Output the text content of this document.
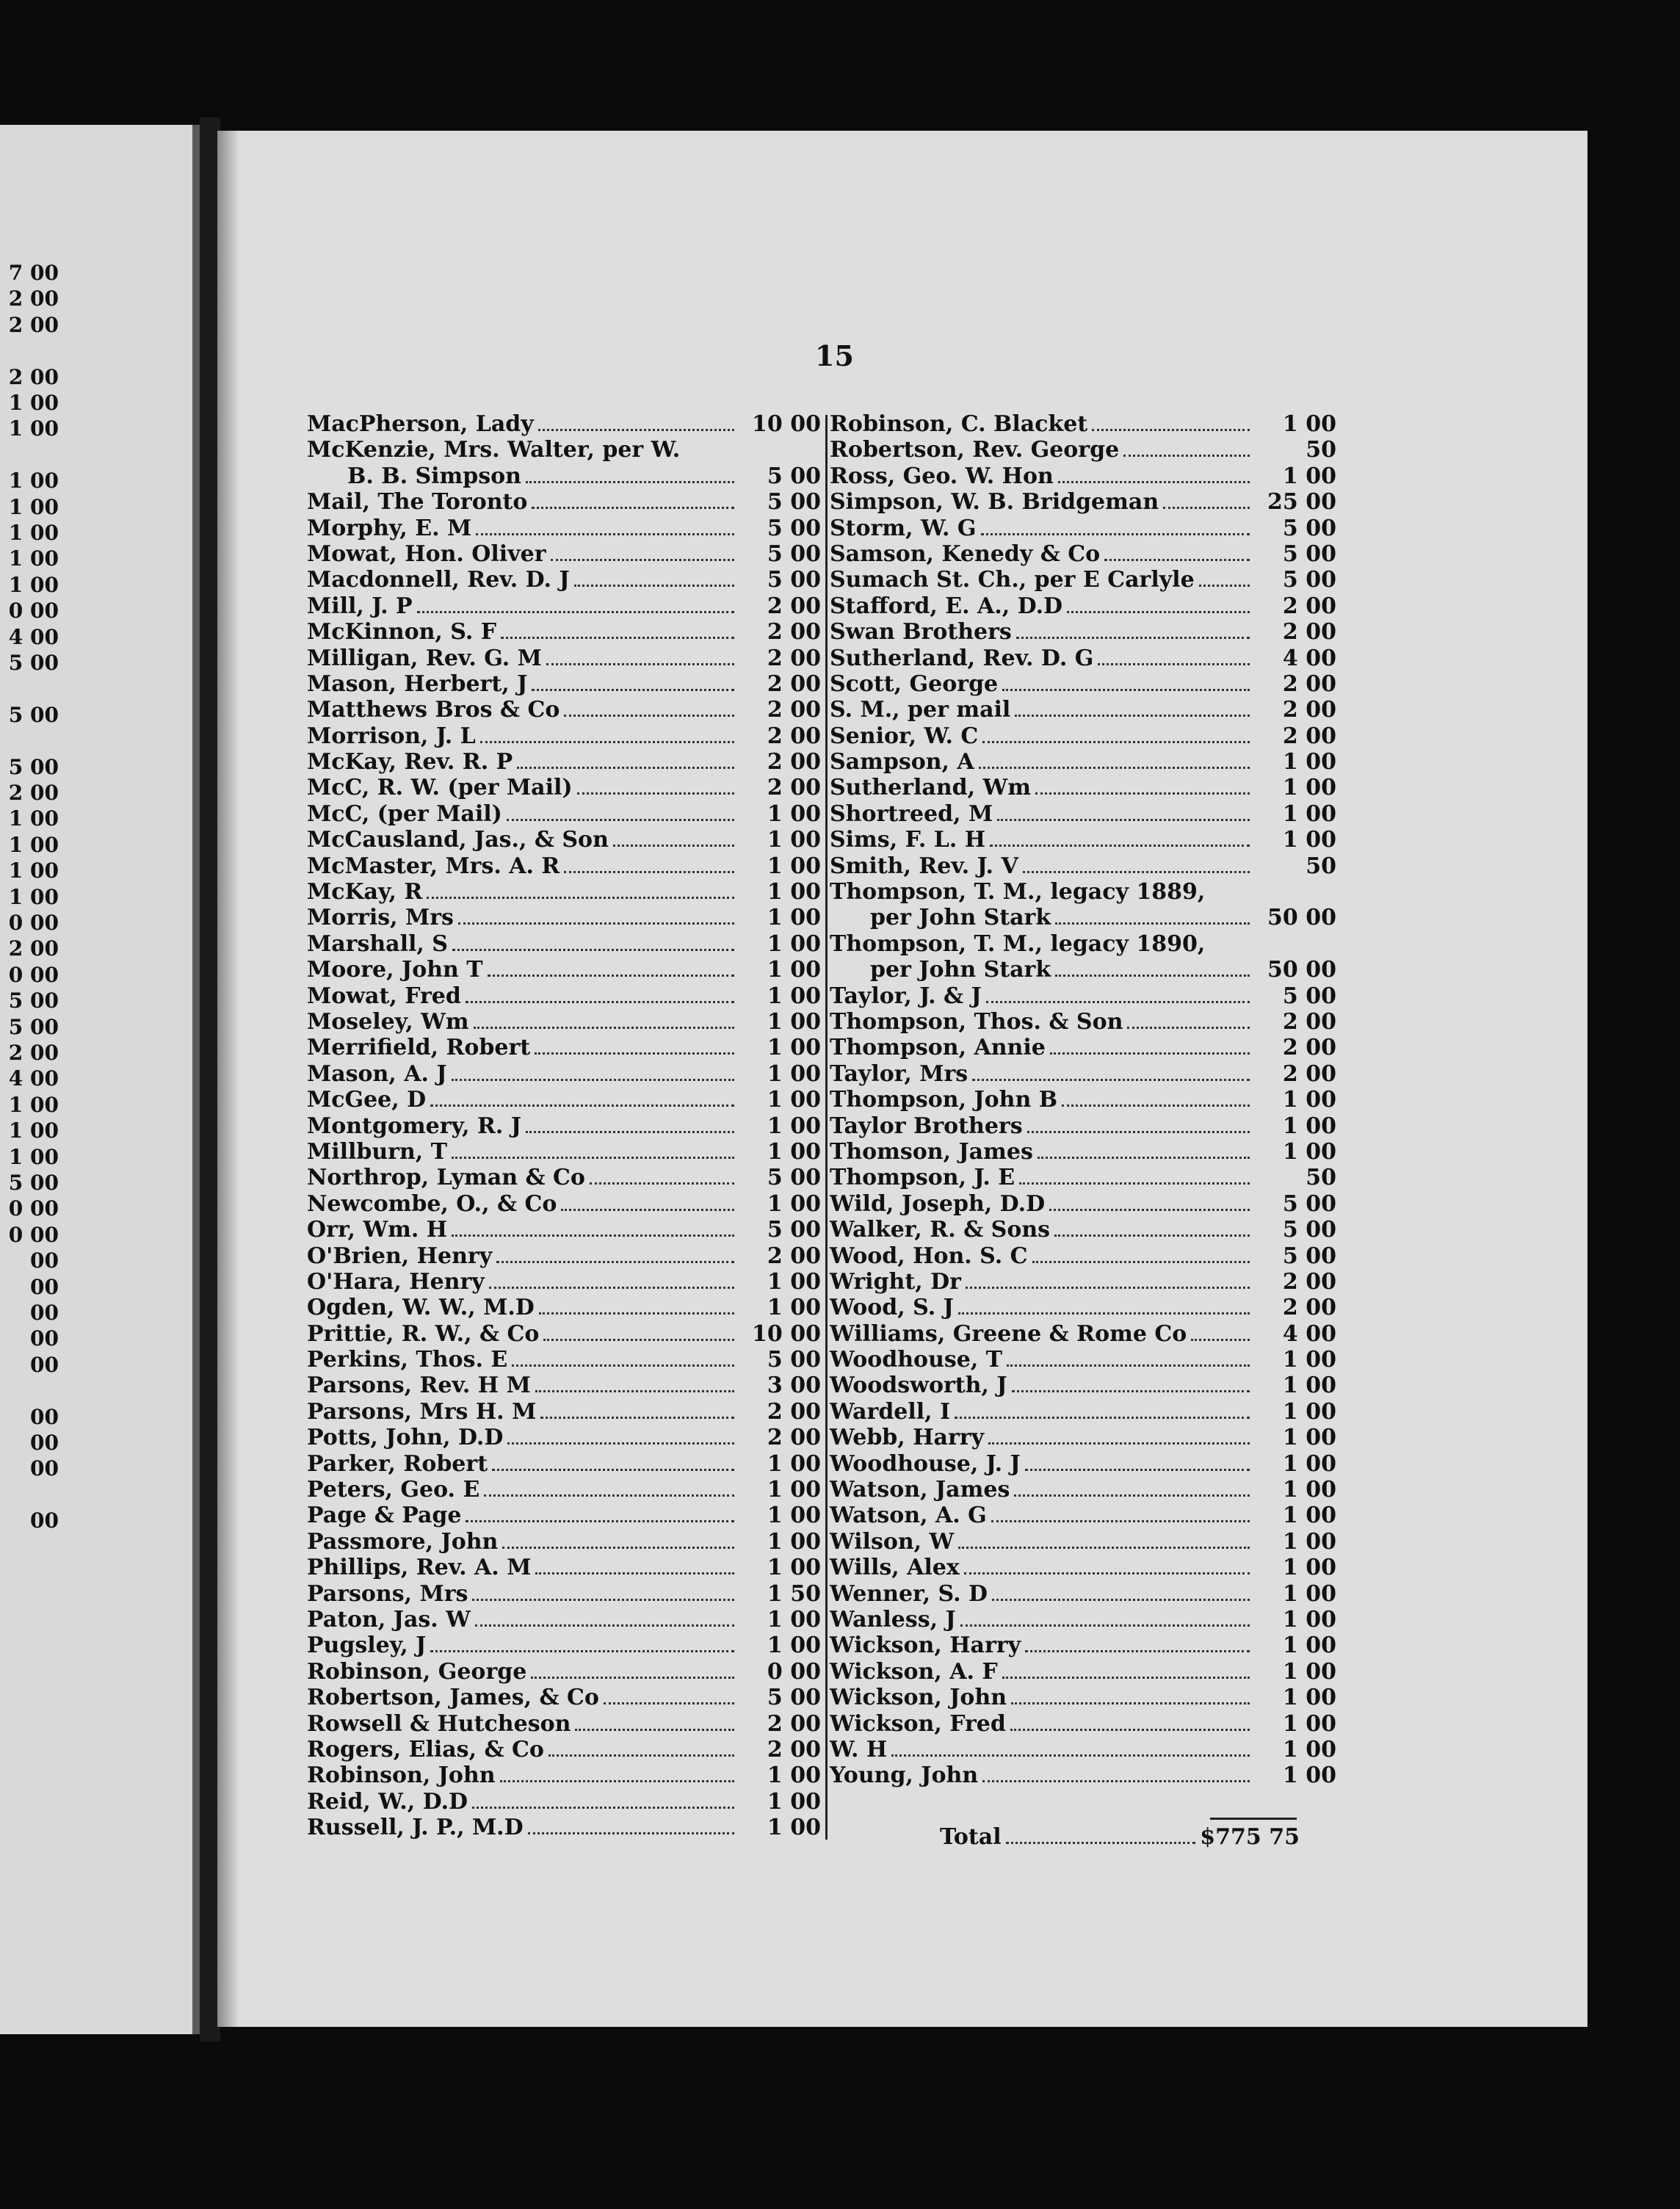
7 00
2 00
2 00
2 00
1 00
1 00
1 00
1 00
1 00
1 00
1 00
0 00
4 00
5 00
5 00
5 00
2 00
1 00
1 00
1 00
1 00
0 00
2 00
0 00
5 00
5 00
2 00
4 00
1 00
1 00
1 00
5 00
0 00
0 00
00
00
00
00
00
00
00
00
00
15
MacPherson, Lady	10 00
McKenzie, Mrs. Walter, per W.
B. B. Simpson	5 00
Mail, The Toronto	5 00
Morphy, E. M	5 00
Mowat, Hon. Oliver	5 00
Macdonnell, Rev. D. J	5 00
Mill, J. P	2 00
McKinnon, S. F	2 00
Milligan, Rev. G. M	2 00
Mason, Herbert, J	2 00
Matthews Bros & Co	2 00
Morrison, J. L	2 00
McKay, Rev. R. P	2 00
McC, R. W. (per Mail)	2 00
McC, (per Mail)	1 00
McCausland, Jas., & Son	1 00
McMaster, Mrs. A. R	1 00
McKay, R	1 00
Morris, Mrs	1 00
Marshall, S	1 00
Moore, John T	1 00
Mowat, Fred	1 00
Moseley, Wm	1 00
Merrifield, Robert	1 00
Mason, A. J	1 00
McGee, D	1 00
Montgomery, R. J	1 00
Millburn, T	1 00
Northrop, Lyman & Co	5 00
Newcombe, O., & Co	1 00
Orr, Wm. H	5 00
O'Brien, Henry	2 00
O'Hara, Henry	1 00
Ogden, W. W., M.D	1 00
Prittie, R. W., & Co	10 00
Perkins, Thos. E	5 00
Parsons, Rev. H M	3 00
Parsons, Mrs H. M	2 00
Potts, John, D.D	2 00
Parker, Robert	1 00
Peters, Geo. E	1 00
Page & Page	1 00
Passmore, John	1 00
Phillips, Rev. A. M	1 00
Parsons, Mrs	1 50
Paton, Jas. W	1 00
Pugsley, J	1 00
Robinson, George	0 00
Robertson, James, & Co	5 00
Rowsell & Hutcheson	2 00
Rogers, Elias, & Co	2 00
Robinson, John	1 00
Reid, W., D.D	1 00
Russell, J. P., M.D	1 00
Robinson, C. Blacket	1 00
Robertson, Rev. George	50
Ross, Geo. W. Hon	1 00
Simpson, W. B. Bridgeman	25 00
Storm, W. G	5 00
Samson, Kenedy & Co	5 00
Sumach St. Ch., per E Carlyle	5 00
Stafford, E. A., D.D	2 00
Swan Brothers	2 00
Sutherland, Rev. D. G	4 00
Scott, George	2 00
S. M., per mail	2 00
Senior, W. C	2 00
Sampson, A	1 00
Sutherland, Wm	1 00
Shortreed, M	1 00
Sims, F. L. H	1 00
Smith, Rev. J. V	50
Thompson, T. M., legacy 1889,
per John Stark	50 00
Thompson, T. M., legacy 1890,
per John Stark	50 00
Taylor, J. & J	5 00
Thompson, Thos. & Son	2 00
Thompson, Annie	2 00
Taylor, Mrs	2 00
Thompson, John B	1 00
Taylor Brothers	1 00
Thomson, James	1 00
Thompson, J. E	50
Wild, Joseph, D.D	5 00
Walker, R. & Sons	5 00
Wood, Hon. S. C	5 00
Wright, Dr	2 00
Wood, S. J	2 00
Williams, Greene & Rome Co	4 00
Woodhouse, T	1 00
Woodsworth, J	1 00
Wardell, I	1 00
Webb, Harry	1 00
Woodhouse, J. J	1 00
Watson, James	1 00
Watson, A. G	1 00
Wilson, W	1 00
Wills, Alex	1 00
Wenner, S. D	1 00
Wanless, J	1 00
Wickson, Harry	1 00
Wickson, A. F	1 00
Wickson, John	1 00
Wickson, Fred	1 00
W. H	1 00
Young, John	1 00
Total	$775 75
